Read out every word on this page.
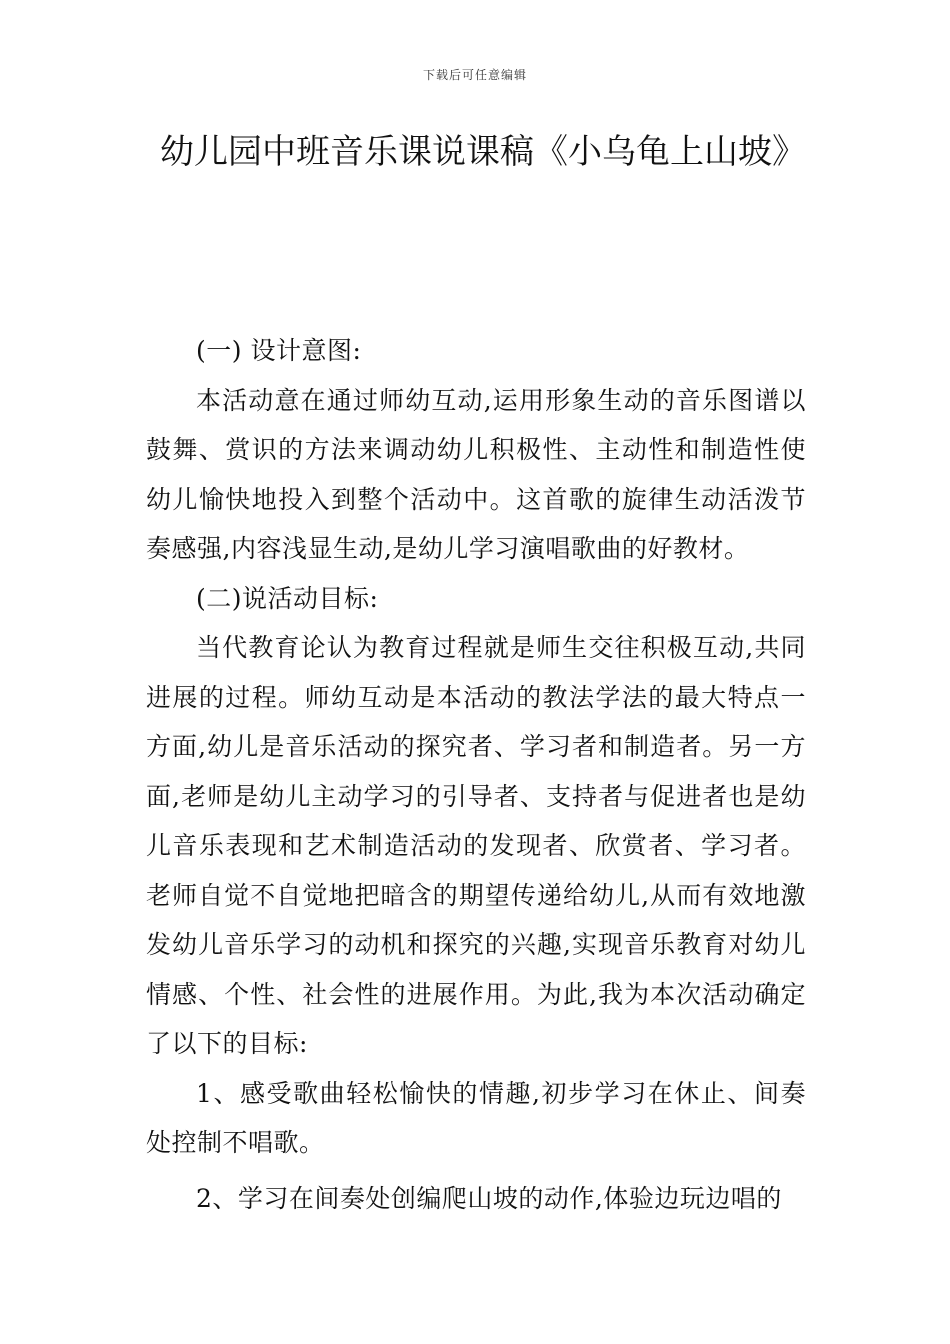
下载后可任意编辑
幼儿园中班音乐课说课稿《小乌龟上山坡》

(一) 设计意图:

本活动意在通过师幼互动,运用形象生动的音乐图谱以鼓舞、赏识的方法来调动幼儿积极性、主动性和制造性使幼儿愉快地投入到整个活动中。这首歌的旋律生动活泼节奏感强,内容浅显生动,是幼儿学习演唱歌曲的好教材。

(二)说活动目标:

当代教育论认为教育过程就是师生交往积极互动,共同进展的过程。师幼互动是本活动的教法学法的最大特点一方面,幼儿是音乐活动的探究者、学习者和制造者。另一方面,老师是幼儿主动学习的引导者、支持者与促进者也是幼儿音乐表现和艺术制造活动的发现者、欣赏者、学习者。老师自觉不自觉地把暗含的期望传递给幼儿,从而有效地激发幼儿音乐学习的动机和探究的兴趣,实现音乐教育对幼儿情感、个性、社会性的进展作用。为此,我为本次活动确定了以下的目标:

1、感受歌曲轻松愉快的情趣,初步学习在休止、间奏处控制不唱歌。

2、学习在间奏处创编爬山坡的动作,体验边玩边唱的
